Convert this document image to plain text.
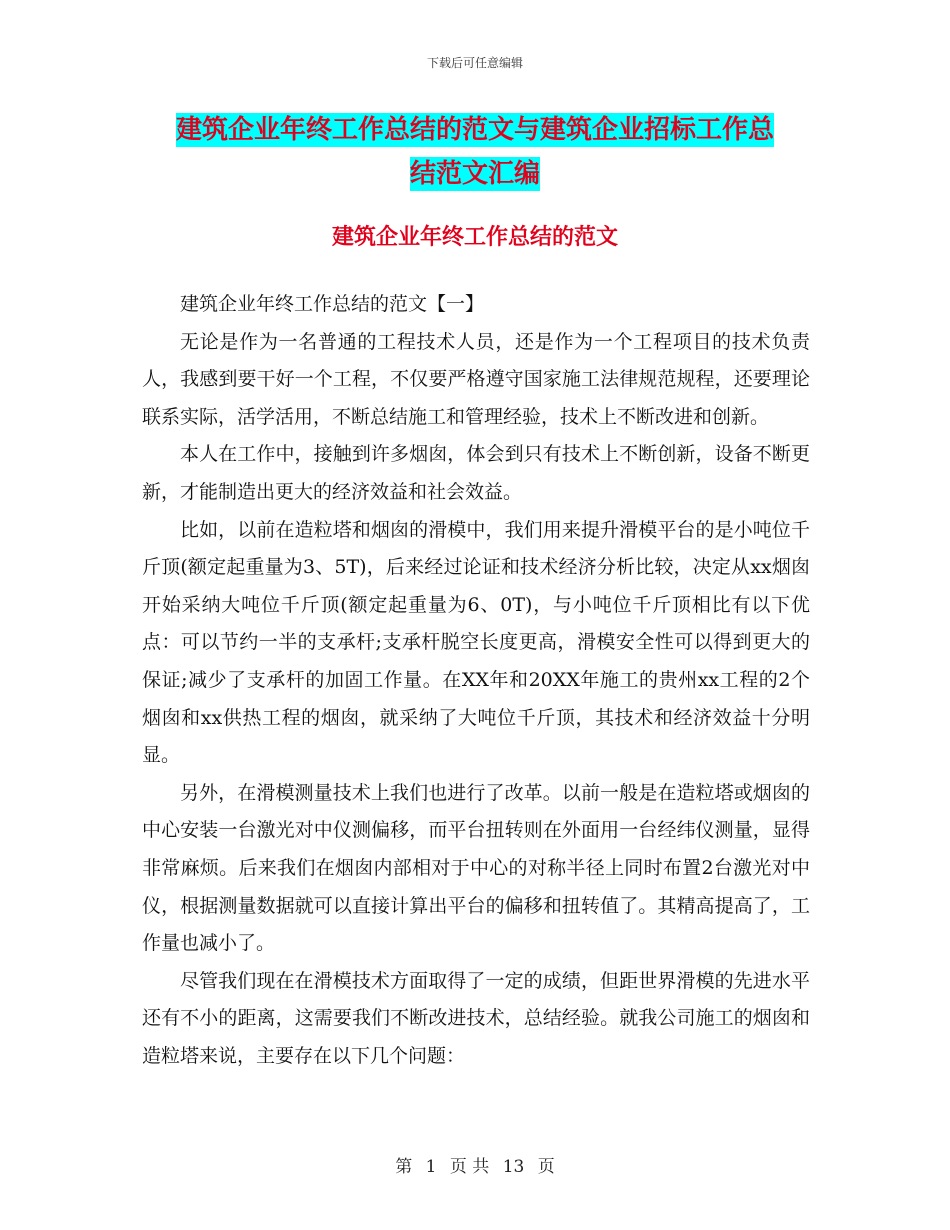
下载后可任意编辑
建筑企业年终工作总结的范文与建筑企业招标工作总
结范文汇编
建筑企业年终工作总结的范文

建筑企业年终工作总结的范文【一】

无论是作为一名普通的工程技术人员，还是作为一个工程项目的技术负责人，我感到要干好一个工程，不仅要严格遵守国家施工法律规范规程，还要理论联系实际，活学活用，不断总结施工和管理经验，技术上不断改进和创新。

本人在工作中，接触到许多烟囱，体会到只有技术上不断创新，设备不断更新，才能制造出更大的经济效益和社会效益。

比如，以前在造粒塔和烟囱的滑模中，我们用来提升滑模平台的是小吨位千斤顶(额定起重量为3、5T)，后来经过论证和技术经济分析比较，决定从xx烟囱开始采纳大吨位千斤顶(额定起重量为6、0T)，与小吨位千斤顶相比有以下优点：可以节约一半的支承杆;支承杆脱空长度更高，滑模安全性可以得到更大的保证;减少了支承杆的加固工作量。在XX年和20XX年施工的贵州xx工程的2个烟囱和xx供热工程的烟囱，就采纳了大吨位千斤顶，其技术和经济效益十分明显。

另外，在滑模测量技术上我们也进行了改革。以前一般是在造粒塔或烟囱的中心安装一台激光对中仪测偏移，而平台扭转则在外面用一台经纬仪测量，显得非常麻烦。后来我们在烟囱内部相对于中心的对称半径上同时布置2台激光对中仪，根据测量数据就可以直接计算出平台的偏移和扭转值了。其精高提高了，工作量也减小了。

尽管我们现在在滑模技术方面取得了一定的成绩，但距世界滑模的先进水平还有不小的距离，这需要我们不断改进技术，总结经验。就我公司施工的烟囱和造粒塔来说，主要存在以下几个问题：

第 1 页 共 13 页
